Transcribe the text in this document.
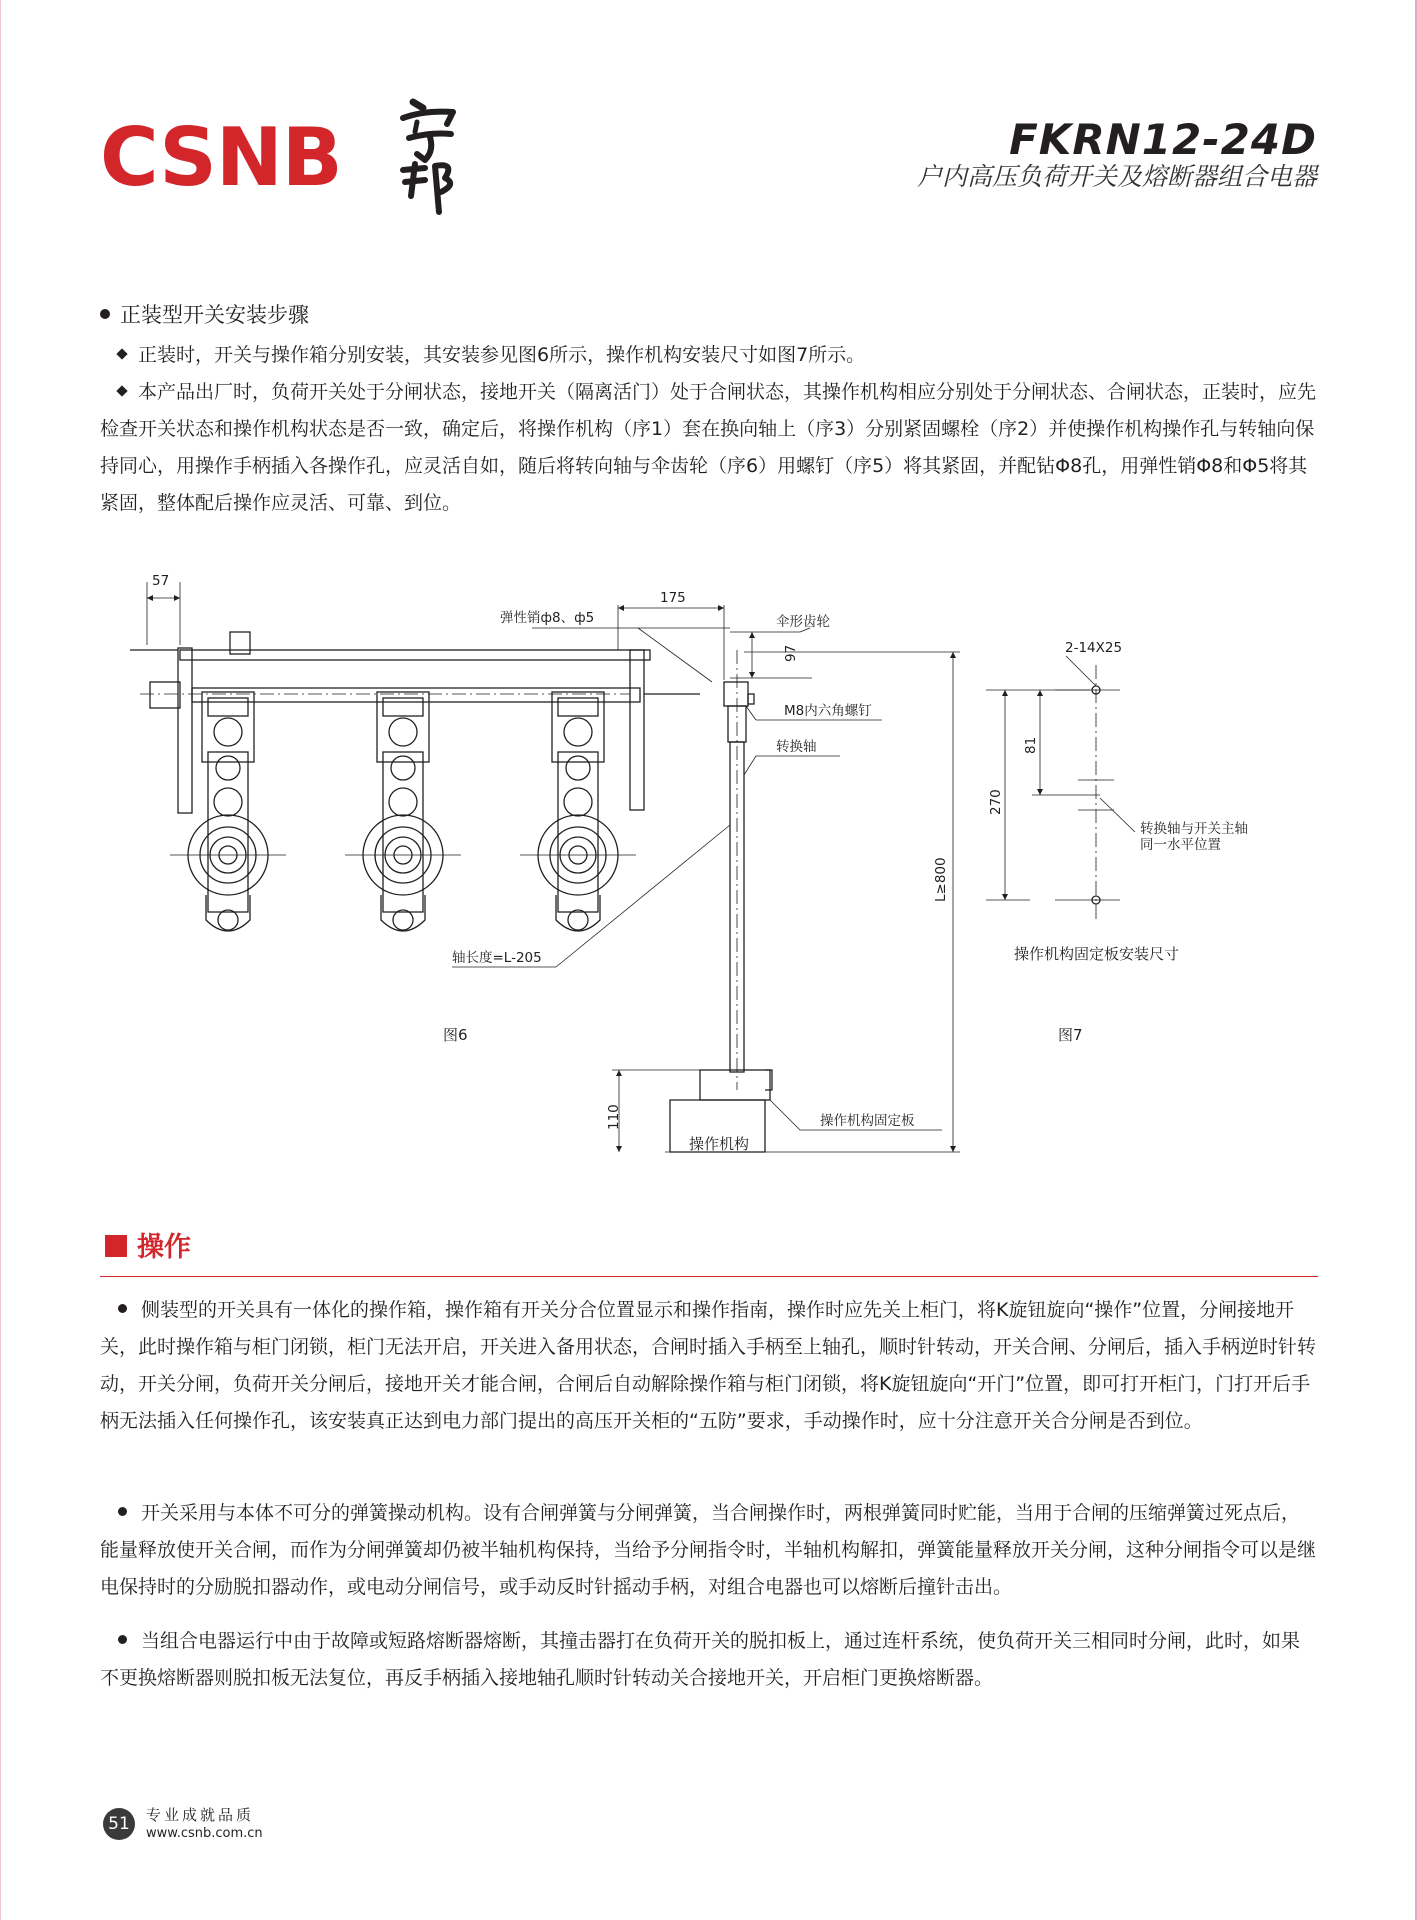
CSNB	FKRN12-24D
户内高压负荷开关及熔断器组合电器
正装型开关安装步骤
正装时，开关与操作箱分别安装，其安装参见图6所示，操作机构安装尺寸如图7所示。
本产品出厂时，负荷开关处于分闸状态，接地开关（隔离活门）处于合闸状态，其操作机构相应分别处于分闸状态、合闸状态，正装时，应先检查开关状态和操作机构状态是否一致，确定后，将操作机构（序1）套在换向轴上（序3）分别紧固螺栓（序2）并使操作机构操作孔与转轴向保持同心，用操作手柄插入各操作孔，应灵活自如，随后将转向轴与伞齿轮（序6）用螺钉（序5）将其紧固，并配钻Φ8孔，用弹性销Φ8和Φ5将其紧固，整体配后操作应灵活、可靠、到位。
57
175
弹性销ф8、ф5	伞形齿轮
97
M8内六角螺钉
转换轴
轴长度=L-205
L≥800
110	操作机构固定板
操作机构
图6
2-14X25
81
270
转换轴与开关主轴
同一水平位置
操作机构固定板安装尺寸
图7
操作
侧装型的开关具有一体化的操作箱，操作箱有开关分合位置显示和操作指南，操作时应先关上柜门，将K旋钮旋向“操作”位置，分闸接地开关，此时操作箱与柜门闭锁，柜门无法开启，开关进入备用状态，合闸时插入手柄至上轴孔，顺时针转动，开关合闸、分闸后，插入手柄逆时针转动，开关分闸，负荷开关分闸后，接地开关才能合闸，合闸后自动解除操作箱与柜门闭锁，将K旋钮旋向“开门”位置，即可打开柜门，门打开后手柄无法插入任何操作孔，该安装真正达到电力部门提出的高压开关柜的“五防”要求，手动操作时，应十分注意开关合分闸是否到位。
开关采用与本体不可分的弹簧操动机构。设有合闸弹簧与分闸弹簧，当合闸操作时，两根弹簧同时贮能，当用于合闸的压缩弹簧过死点后，能量释放使开关合闸，而作为分闸弹簧却仍被半轴机构保持，当给予分闸指令时，半轴机构解扣，弹簧能量释放开关分闸，这种分闸指令可以是继电保持时的分励脱扣器动作，或电动分闸信号，或手动反时针摇动手柄，对组合电器也可以熔断后撞针击出。
当组合电器运行中由于故障或短路熔断器熔断，其撞击器打在负荷开关的脱扣板上，通过连杆系统，使负荷开关三相同时分闸，此时，如果不更换熔断器则脱扣板无法复位，再反手柄插入接地轴孔顺时针转动关合接地开关，开启柜门更换熔断器。
51	专业成就品质
www.csnb.com.cn
